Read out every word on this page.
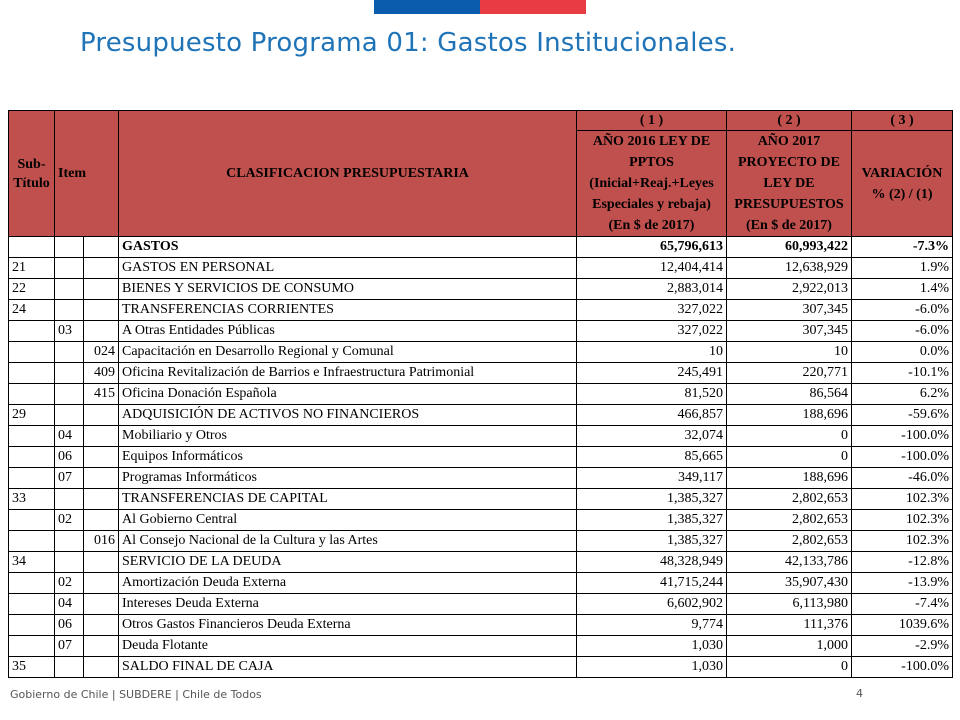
Presupuesto Programa 01: Gastos Institucionales.
Sub-Título	Item		CLASIFICACION PRESUPUESTARIA	( 1 )	( 2 )	( 3 )
				AÑO 2016 LEY DE PPTOS (Inicial+Reaj.+Leyes Especiales y rebaja) (En $ de 2017)	AÑO 2017 PROYECTO DE LEY DE PRESUPUESTOS (En $ de 2017)	VARIACIÓN % (2) / (1)
			GASTOS	65,796,613	60,993,422	-7.3%
21			GASTOS EN PERSONAL	12,404,414	12,638,929	1.9%
22			BIENES Y SERVICIOS DE CONSUMO	2,883,014	2,922,013	1.4%
24			TRANSFERENCIAS CORRIENTES	327,022	307,345	-6.0%
	03		A Otras Entidades Públicas	327,022	307,345	-6.0%
		024	Capacitación en Desarrollo Regional y Comunal	10	10	0.0%
		409	Oficina Revitalización de Barrios e Infraestructura Patrimonial	245,491	220,771	-10.1%
		415	Oficina Donación Española	81,520	86,564	6.2%
29			ADQUISICIÓN DE ACTIVOS NO FINANCIEROS	466,857	188,696	-59.6%
	04		Mobiliario y Otros	32,074	0	-100.0%
	06		Equipos Informáticos	85,665	0	-100.0%
	07		Programas Informáticos	349,117	188,696	-46.0%
33			TRANSFERENCIAS DE CAPITAL	1,385,327	2,802,653	102.3%
	02		Al Gobierno Central	1,385,327	2,802,653	102.3%
		016	Al Consejo Nacional de la Cultura y las Artes	1,385,327	2,802,653	102.3%
34			SERVICIO DE LA DEUDA	48,328,949	42,133,786	-12.8%
	02		Amortización Deuda Externa	41,715,244	35,907,430	-13.9%
	04		Intereses Deuda Externa	6,602,902	6,113,980	-7.4%
	06		Otros Gastos Financieros Deuda Externa	9,774	111,376	1039.6%
	07		Deuda Flotante	1,030	1,000	-2.9%
35			SALDO FINAL DE CAJA	1,030	0	-100.0%
Gobierno de Chile | SUBDERE | Chile de Todos	4
